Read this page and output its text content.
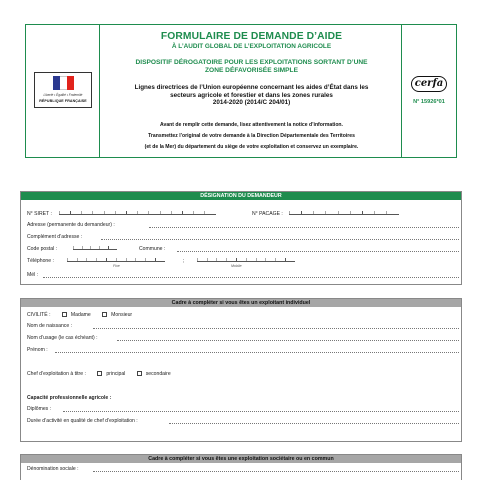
Liberté • Égalité • Fraternité
RÉPUBLIQUE FRANÇAISE
FORMULAIRE DE DEMANDE D’AIDE
À L’AUDIT GLOBAL DE L’EXPLOITATION AGRICOLE
DISPOSITIF DÉROGATOIRE POUR LES EXPLOITATIONS SORTANT D’UNE
ZONE DÉFAVORISÉE SIMPLE
Lignes directrices de l’Union européenne concernant les aides d’État dans les
secteurs agricole et forestier et dans les zones rurales
2014-2020 (2014/C 204/01)
Avant de remplir cette demande, lisez attentivement la notice d’information.
Transmettez l’original de votre demande à la Direction Départementale des Territoires
(et de la Mer) du département du siège de votre exploitation et conservez un exemplaire.
cerfa
N° 15926*01
DÉSIGNATION DU DEMANDEUR
N° SIRET :	N° PACAGE :
Adresse (permanente du demandeur) :
Complément d’adresse :
Code postal :	Commune :
Téléphone :
Fixe
;
Mobile
Mél :
Cadre à compléter si vous êtes un exploitant individuel
CIVILITÉ :	Madame	Monsieur
Nom de naissance :
Nom d’usage (le cas échéant) :
Prénom :
Chef d’exploitation à titre :	principal	secondaire
Capacité professionnelle agricole :
Diplômes :
Durée d’activité en qualité de chef d’exploitation :
Cadre à compléter si vous êtes une exploitation sociétaire ou en commun
Dénomination sociale :
